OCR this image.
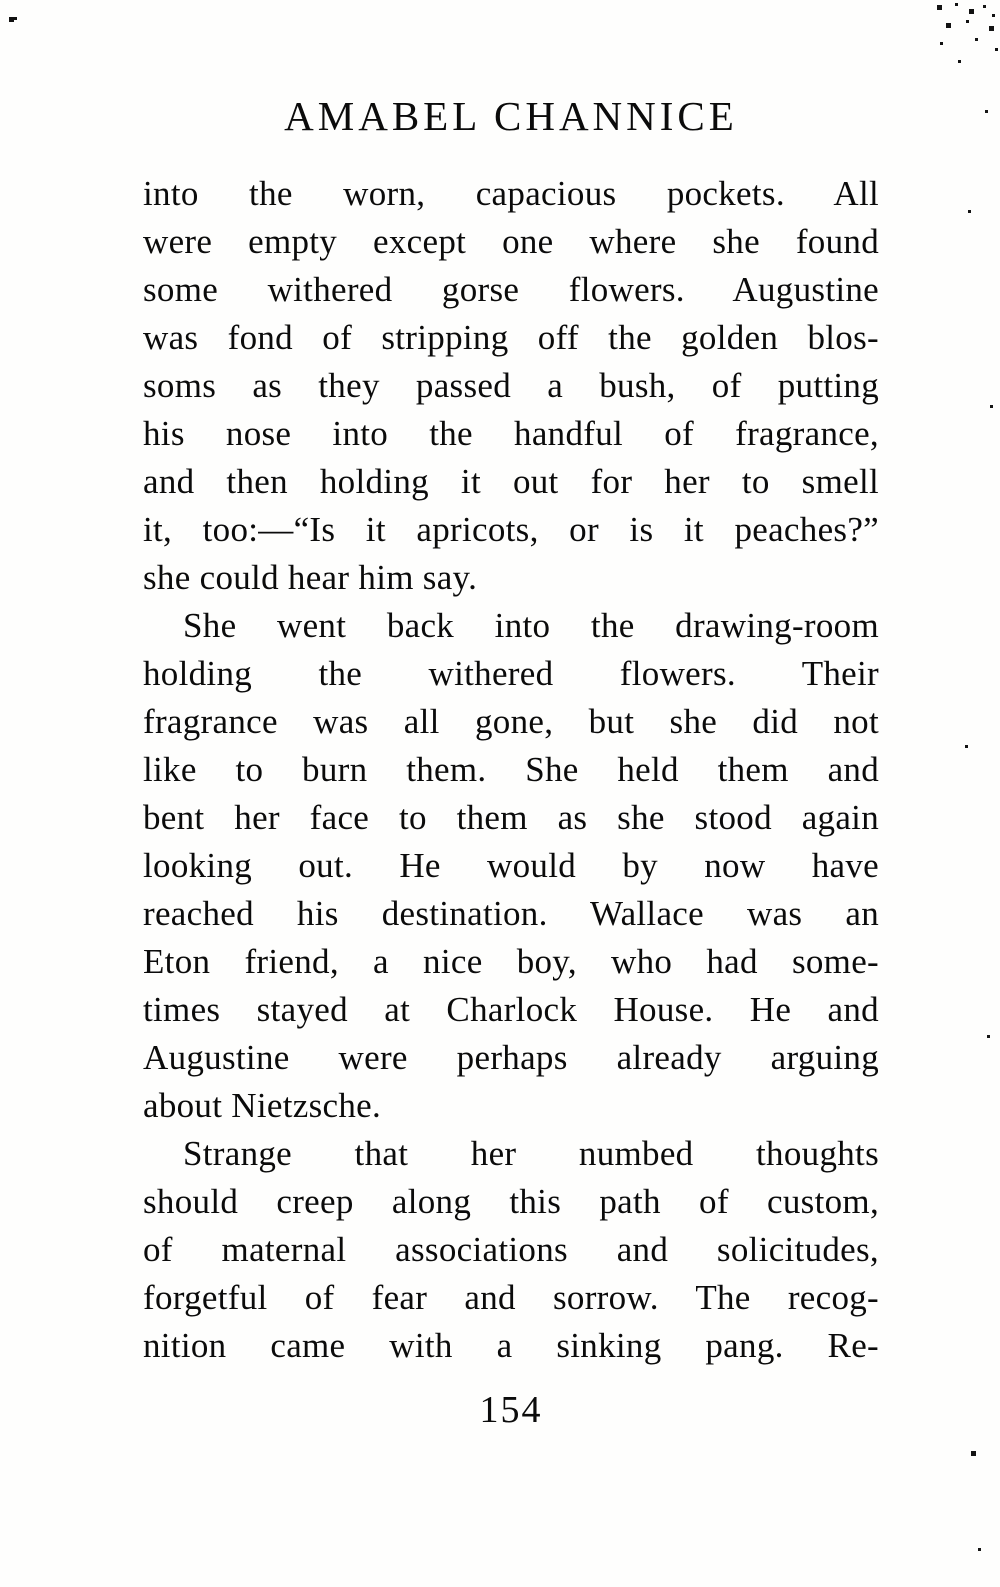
AMABEL CHANNICE
into the worn, capacious pockets. All
were empty except one where she found
some withered gorse flowers. Augustine
was fond of stripping off the golden blos-
soms as they passed a bush, of putting
his nose into the handful of fragrance,
and then holding it out for her to smell
it, too:—“Is it apricots, or is it peaches?”
she could hear him say.
She went back into the drawing-room
holding the withered flowers. Their
fragrance was all gone, but she did not
like to burn them. She held them and
bent her face to them as she stood again
looking out. He would by now have
reached his destination. Wallace was an
Eton friend, a nice boy, who had some-
times stayed at Charlock House. He and
Augustine were perhaps already arguing
about Nietzsche.
Strange that her numbed thoughts
should creep along this path of custom,
of maternal associations and solicitudes,
forgetful of fear and sorrow. The recog-
nition came with a sinking pang. Re-
154
